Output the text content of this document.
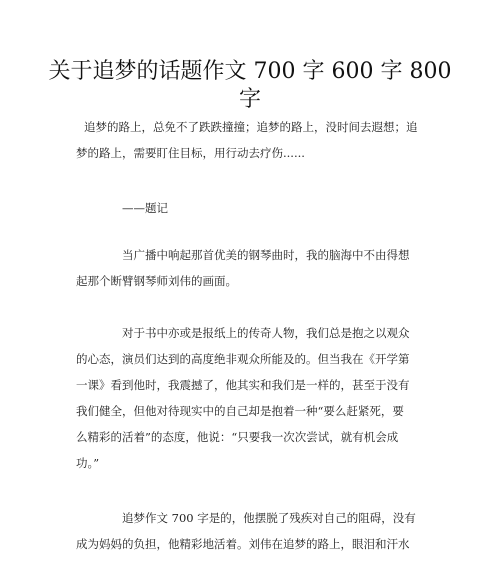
关于追梦的话题作文 700 字 600 字 800
字
追梦的路上，总免不了跌跌撞撞；追梦的路上，没时间去遐想；追
梦的路上，需要盯住目标，用行动去疗伤......
——题记
当广播中响起那首优美的钢琴曲时，我的脑海中不由得想
起那个断臂钢琴师刘伟的画面。
对于书中亦或是报纸上的传奇人物，我们总是抱之以观众
的心态，演员们达到的高度绝非观众所能及的。但当我在《开学第
一课》看到他时，我震撼了，他其实和我们是一样的，甚至于没有
我们健全，但他对待现实中的自己却是抱着一种“要么赶紧死，要
么精彩的活着”的态度，他说：“只要我一次次尝试，就有机会成
功。”
追梦作文 700 字是的，他摆脱了残疾对自己的阻碍，没有
成为妈妈的负担，他精彩地活着。刘伟在追梦的路上，眼泪和汗水
